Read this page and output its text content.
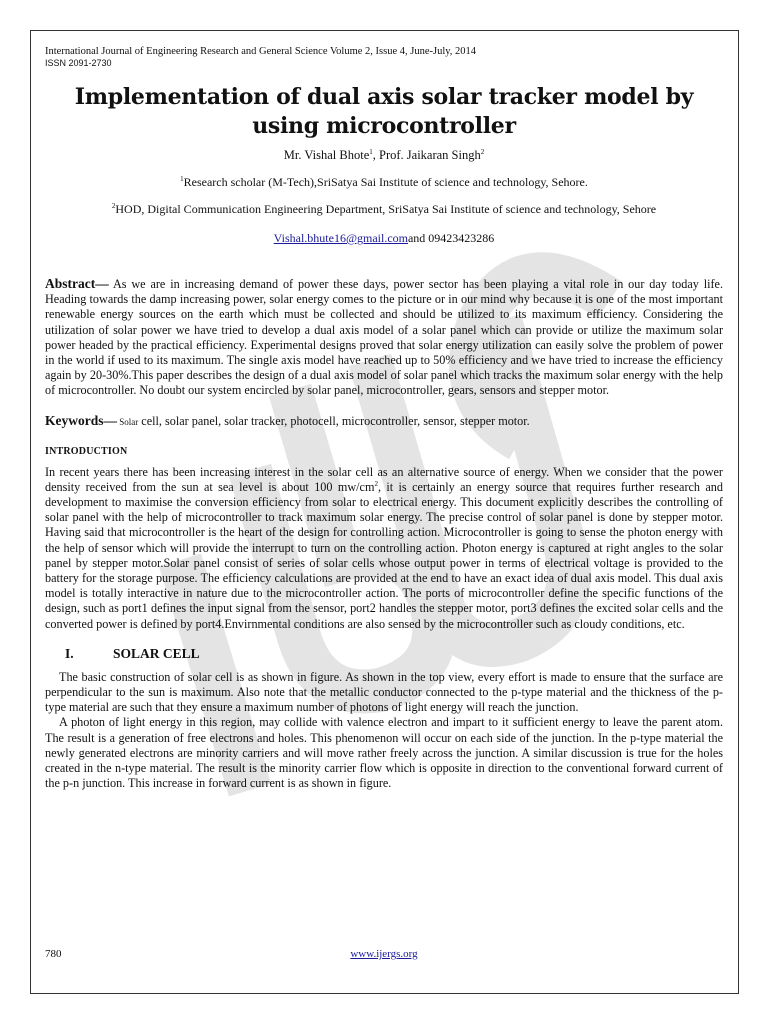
International Journal of Engineering Research and General Science Volume 2, Issue 4, June-July, 2014
ISSN 2091-2730
Implementation of dual axis solar tracker model by using microcontroller
Mr. Vishal Bhote$^1$, Prof. Jaikaran Singh$^2$
$^1$Research scholar (M-Tech),SriSatya Sai Institute of science and technology, Sehore.
$^2$HOD, Digital Communication Engineering Department, SriSatya Sai Institute of science and technology, Sehore
Vishal.bhute16@gmail.comand 09423423286
Abstract— As we are in increasing demand of power these days, power sector has been playing a vital role in our day today life. Heading towards the damp increasing power, solar energy comes to the picture or in our mind why because it is one of the most important renewable energy sources on the earth which must be collected and should be utilized to its maximum efficiency. Considering the utilization of solar power we have tried to develop a dual axis model of a solar panel which can provide or utilize the maximum solar power headed by the practical efficiency. Experimental designs proved that solar energy utilization can easily solve the problem of power in the world if used to its maximum. The single axis model have reached up to 50% efficiency and we have tried to increase the efficiency again by 20-30%.This paper describes the design of a dual axis model of solar panel which tracks the maximum solar energy with the help of microcontroller. No doubt our system encircled by solar panel, microcontroller, gears, sensors and stepper motor.
Keywords— Solar cell, solar panel, solar tracker, photocell, microcontroller, sensor, stepper motor.
INTRODUCTION
In recent years there has been increasing interest in the solar cell as an alternative source of energy. When we consider that the power density received from the sun at sea level is about 100 $mw/cm^2$, it is certainly an energy source that requires further research and development to maximise the conversion efficiency from solar to electrical energy. This document explicitly describes the controlling of solar panel with the help of microcontroller to track maximum solar energy. The precise control of solar panel is done by stepper motor. Having said that microcontroller is the heart of the design for controlling action. Microcontroller is going to sense the photon energy with the help of sensor which will provide the interrupt to turn on the controlling action. Photon energy is captured at right angles to the solar panel by stepper motor.Solar panel consist of series of solar cells whose output power in terms of electrical voltage is provided to the battery for the storage purpose. The efficiency calculations are provided at the end to have an exact idea of dual axis model. This dual axis model is totally interactive in nature due to the microcontroller action. The ports of microcontroller define the specific functions of the design, such as port1 defines the input signal from the sensor, port2 handles the stepper motor, port3 defines the excited solar cells and the converted power is defined by port4.Envirnmental conditions are also sensed by the microcontroller such as cloudy conditions, etc.
I.	SOLAR CELL
The basic construction of solar cell is as shown in figure. As shown in the top view, every effort is made to ensure that the surface are perpendicular to the sun is maximum. Also note that the metallic conductor connected to the p-type material and the thickness of the p-type material are such that they ensure a maximum number of photons of light energy will reach the junction.
A photon of light energy in this region, may collide with valence electron and impart to it sufficient energy to leave the parent atom. The result is a generation of free electrons and holes. This phenomenon will occur on each side of the junction. In the p-type material the newly generated electrons are minority carriers and will move rather freely across the junction. A similar discussion is true for the holes created in the n-type material. The result is the minority carrier flow which is opposite in direction to the conventional forward current of the p-n junction. This increase in forward current is as shown in figure.
780	www.ijergs.org
